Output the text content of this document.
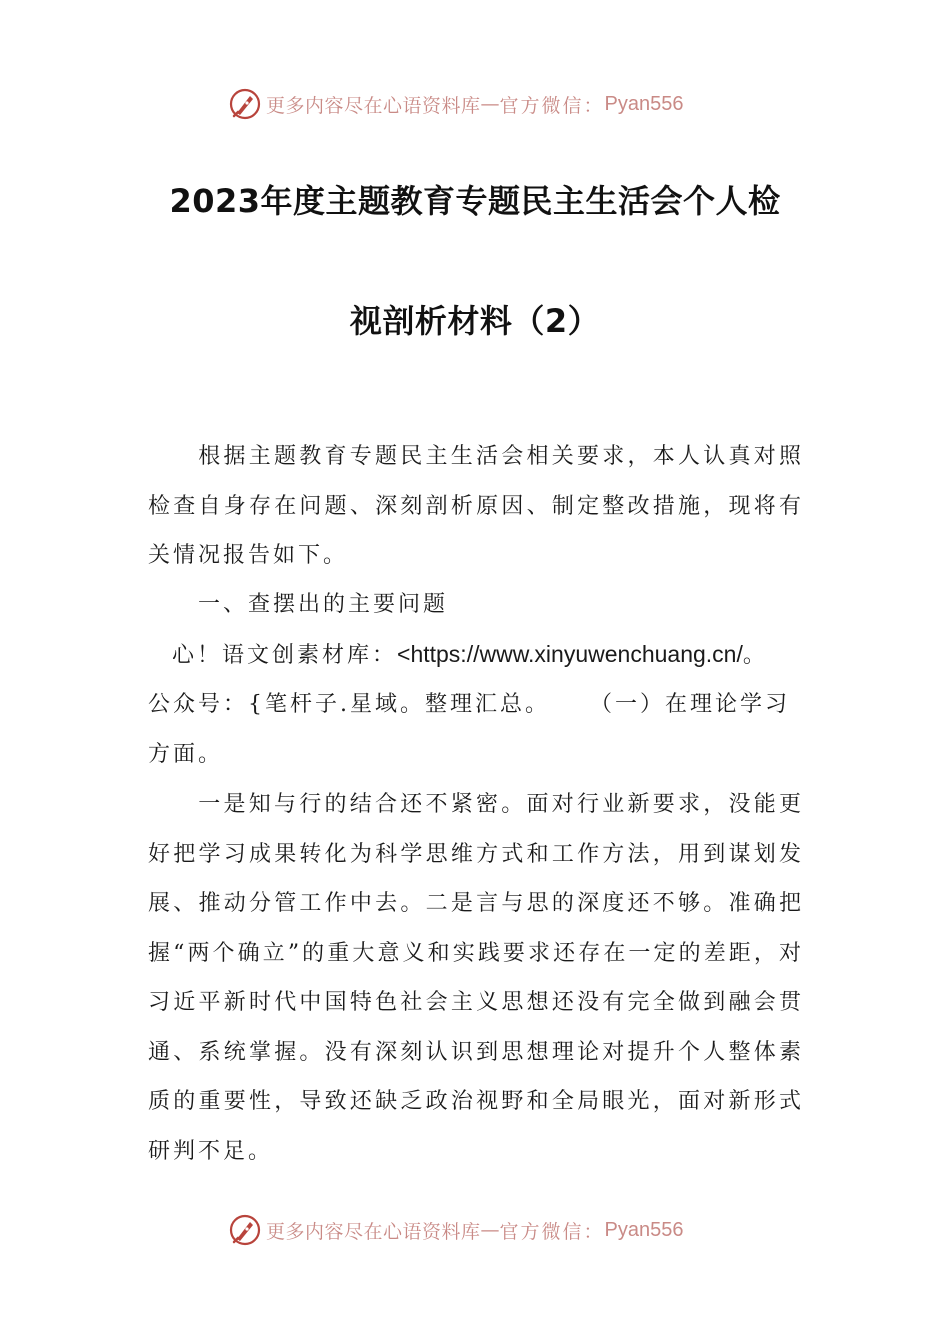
更多内容尽在心语资料库 — 官方微信： Pyan556
2023年度主题教育专题民主生活会个人检
视剖析材料（2）
根据主题教育专题民主生活会相关要求，本人认真对照检查自身存在问题、深刻剖析原因、制定整改措施，现将有关情况报告如下。
一、查摆出的主要问题
心！语文创素材库：<https://www.xinyuwenchuang.cn/。
公众号：{笔杆子.星域。整理汇总。 （一）在理论学习方面。
一是知与行的结合还不紧密。面对行业新要求，没能更好把学习成果转化为科学思维方式和工作方法，用到谋划发展、推动分管工作中去。二是言与思的深度还不够。准确把握“两个确立”的重大意义和实践要求还存在一定的差距，对习近平新时代中国特色社会主义思想还没有完全做到融会贯通、系统掌握。没有深刻认识到思想理论对提升个人整体素质的重要性，导致还缺乏政治视野和全局眼光，面对新形式研判不足。
更多内容尽在心语资料库 — 官方微信： Pyan556
